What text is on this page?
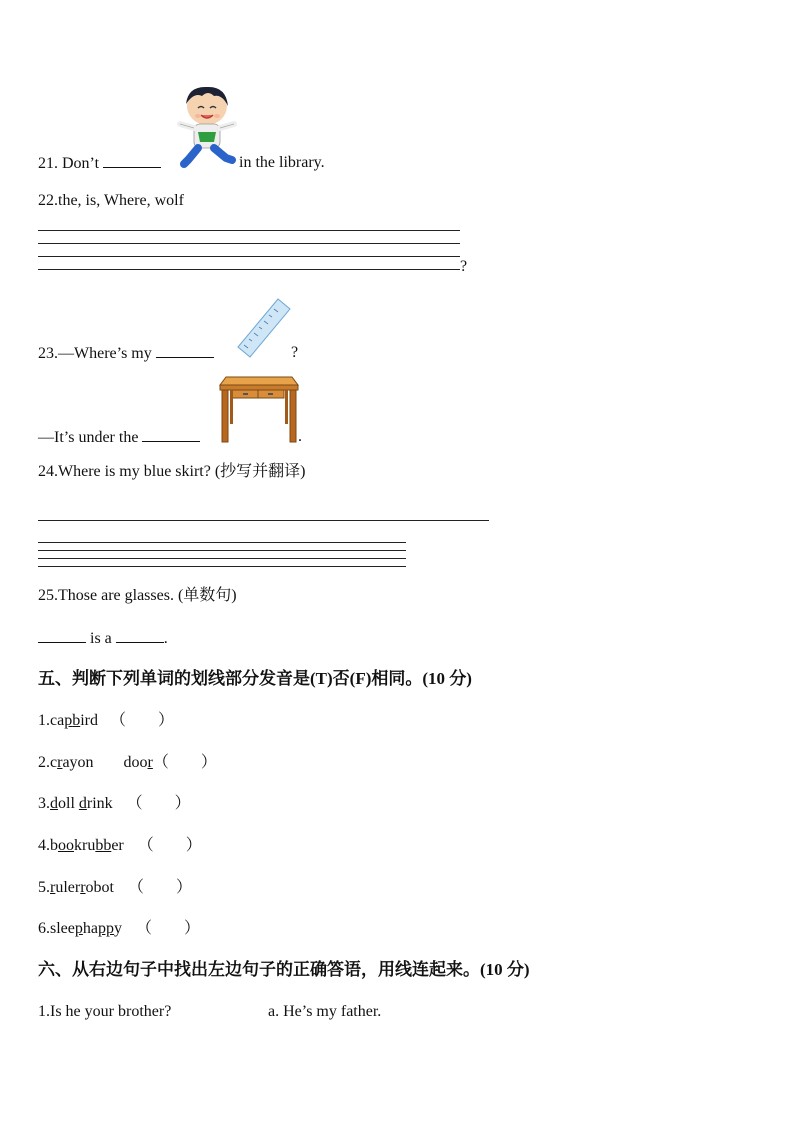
21. Don’t	in the library.
22.the, is, Where, wolf
?
23.—Where’s my	?
—It’s under the	.
24.Where is my blue skirt? (抄写并翻译)
25.Those are glasses. (单数句)
is a	.
五、判断下列单词的划线部分发音是(T)否(F)相同。(10 分)
1.capbird （　　）
2.crayon door（　　）
3.doll drink （　　）
4.bookrubber （　　）
5.rulerrobot （　　）
6.sleephappy （　　）
六、从右边句子中找出左边句子的正确答语，用线连起来。(10 分)
1.Is he your brother?	a. He’s my father.
